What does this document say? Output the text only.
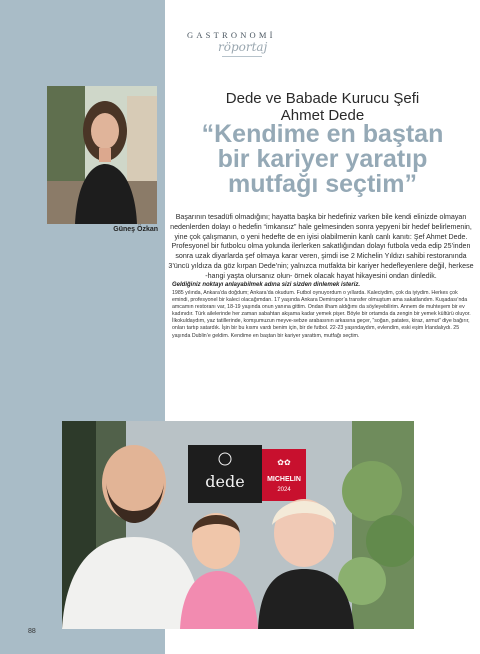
GASTRONOMİ
röportaj
Güneş Özkan
Dede ve Babade Kurucu Şefi
Ahmet Dede
“Kendime en baştan
bir kariyer yaratıp
mutfağı seçtim”
Başarının tesadüfi olmadığını; hayatta başka bir hedefiniz varken bile kendi elinizde olmayan nedenlerden dolayı o hedefin “imkansız” hale gelmesinden sonra yepyeni bir hedef belirlemenin, yine çok çalışmanın, o yeni hedefte de en iyisi olabilmenin kanlı canlı kanıtı: Şef Ahmet Dede. Profesyonel bir futbolcu olma yolunda ilerlerken sakatlığından dolayı futbola veda edip 25’inden sonra uzak diyarlarda şef olmaya karar veren, şimdi ise 2 Michelin Yıldızı sahibi restoranında 3’üncü yıldıza da göz kırpan Dede’nin; yalnızca mutfakta bir kariyer hedefleyenlere değil, herkese -hangi yaşta olursanız olun- örnek olacak hayat hikayesini ondan dinledik.
Geldiğiniz noktayı anlayabilmek adına sizi sizden dinlemek isteriz.
1985 yılında, Ankara’da doğdum; Ankara’da okudum. Futbol oynuyordum o yıllarda. Kaleciydim, çok da iyiydim. Herkes çok emindi, profesyonel bir kaleci olacağımdan. 17 yaşında Ankara Demirspor’a transfer olmuştum ama sakatlandım. Kuşadası’nda amcamın restoranı var, 18-19 yaşında onun yanına gittim. Ondan ilham aldığımı da söyleyebilirim. Annem de muhteşem bir ev kadınıdır. Türk ailelerinde her zaman sabahtan akşama kadar yemek pişer. Böyle bir ortamda da zengin bir yemek kültürü oluyor. İlkokuldaydım, yaz tatillerinde, komşumuzun meyve-sebze arabasının arkasına geçer, “soğan, patates, kiraz, armut” diye bağırır, onları tartıp satardık. İşin bir bu kısmı vardı benim için, bir de futbol. 22-23 yaşındaydım, evlendim, eski eşim İrlandalıydı. 25 yaşında Dublin’e geldim. Kendime en baştan bir kariyer yarattım, mutfağı seçtim.
dede	MICHELIN
2024
✿✿
88
